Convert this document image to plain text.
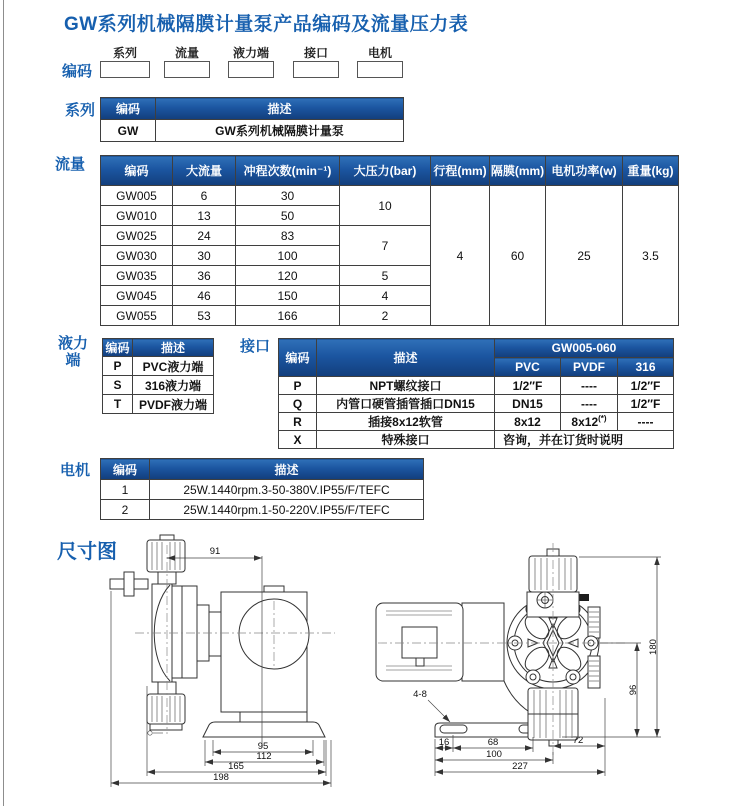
GW系列机械隔膜计量泵产品编码及流量压力表
编码
系列	流量	液力端	接口	电机
系列 编码	描述
GW	GW系列机械隔膜计量泵
流量	编码	大流量	冲程次数(min⁻¹)	大压力(bar)	行程(mm)	隔膜(mm)	电机功率(w)	重量(kg)
GW005	6	30	10	4	60	25	3.5
GW010	13	50					
GW025	24	83	7				
GW030	30	100					
GW035	36	120	5				
GW045	46	150	4				
GW055	53	166	2				
液力
端
编码	描述
P	PVC液力端
S	316液力端
T	PVDF液力端
接口
编码	描述	GW005-060		
		PVC	PVDF	316
P	NPT螺纹接口	1/2″F	----	1/2″F
Q	内管口硬管插管插口DN15	DN15	----	1/2″F
R	插接8x12软管	8x12	8x12(*)	----
X	特殊接口	咨询，并在订货时说明		
电机 编码	描述
1	25W.1440rpm.3-50-380V.IP55/F/TEFC
2	25W.1440rpm.1-50-220V.IP55/F/TEFC
尺寸图	91
95
112
165
198
4-8
16	68
100
227
72
96
180
